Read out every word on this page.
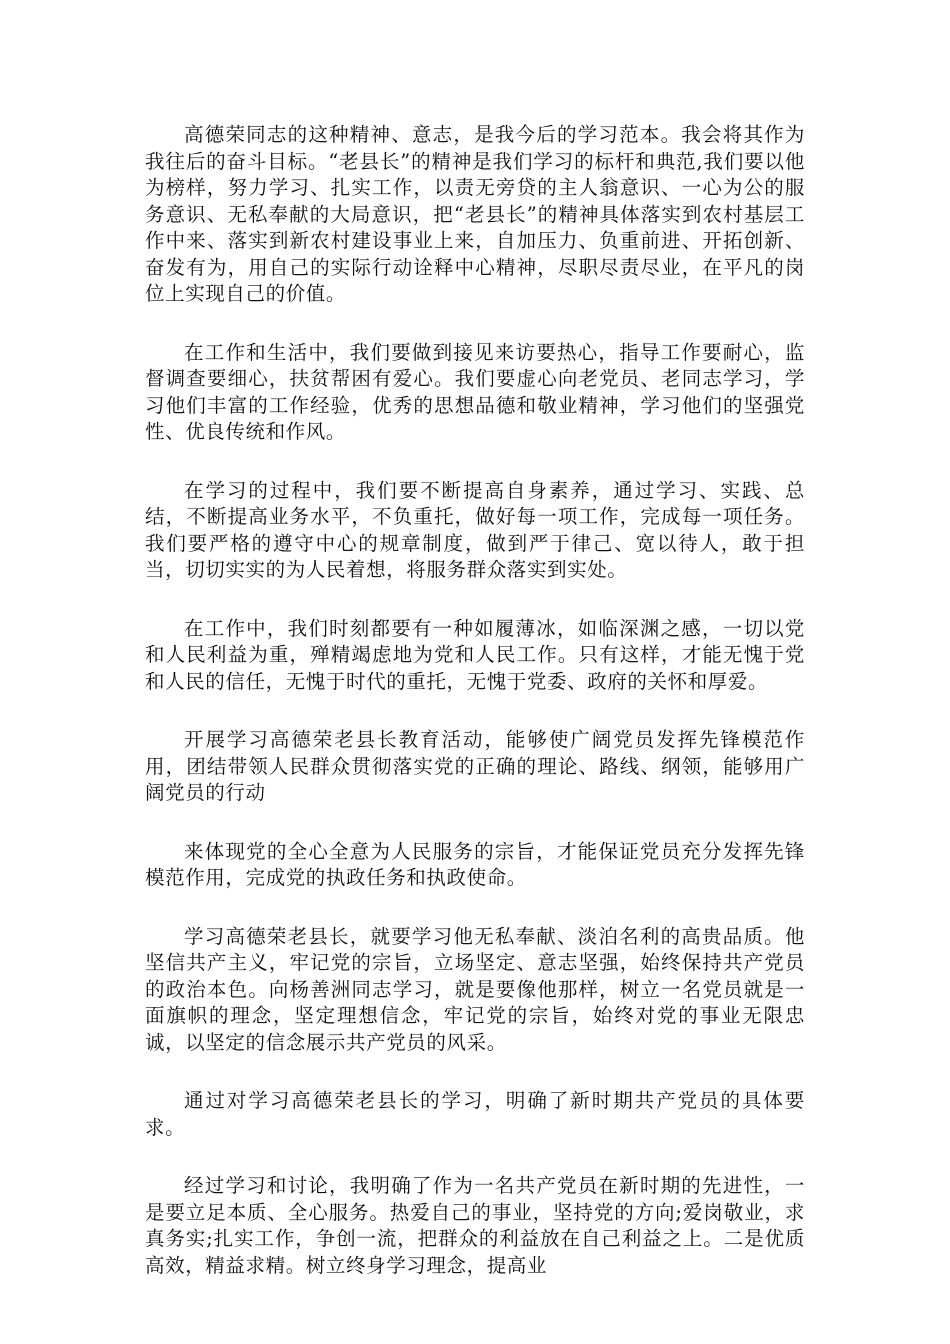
高德荣同志的这种精神、意志，是我今后的学习范本。我会将其作为我往后的奋斗目标。“老县长”的精神是我们学习的标杆和典范,我们要以他为榜样，努力学习、扎实工作，以责无旁贷的主人翁意识、一心为公的服务意识、无私奉献的大局意识，把“老县长”的精神具体落实到农村基层工作中来、落实到新农村建设事业上来，自加压力、负重前进、开拓创新、奋发有为，用自己的实际行动诠释中心精神，尽职尽责尽业，在平凡的岗位上实现自己的价值。

在工作和生活中，我们要做到接见来访要热心，指导工作要耐心，监督调查要细心，扶贫帮困有爱心。我们要虚心向老党员、老同志学习，学习他们丰富的工作经验，优秀的思想品德和敬业精神，学习他们的坚强党性、优良传统和作风。

在学习的过程中，我们要不断提高自身素养，通过学习、实践、总结，不断提高业务水平，不负重托，做好每一项工作，完成每一项任务。我们要严格的遵守中心的规章制度，做到严于律己、宽以待人，敢于担当，切切实实的为人民着想，将服务群众落实到实处。

在工作中，我们时刻都要有一种如履薄冰，如临深渊之感，一切以党和人民利益为重，殚精竭虑地为党和人民工作。只有这样，才能无愧于党和人民的信任，无愧于时代的重托，无愧于党委、政府的关怀和厚爱。

开展学习高德荣老县长教育活动，能够使广阔党员发挥先锋模范作用，团结带领人民群众贯彻落实党的正确的理论、路线、纲领，能够用广阔党员的行动

来体现党的全心全意为人民服务的宗旨，才能保证党员充分发挥先锋模范作用，完成党的执政任务和执政使命。

学习高德荣老县长，就要学习他无私奉献、淡泊名利的高贵品质。他坚信共产主义，牢记党的宗旨，立场坚定、意志坚强，始终保持共产党员的政治本色。向杨善洲同志学习，就是要像他那样，树立一名党员就是一面旗帜的理念，坚定理想信念，牢记党的宗旨，始终对党的事业无限忠诚，以坚定的信念展示共产党员的风采。

通过对学习高德荣老县长的学习，明确了新时期共产党员的具体要求。

经过学习和讨论，我明确了作为一名共产党员在新时期的先进性，一是要立足本质、全心服务。热爱自己的事业，坚持党的方向;爱岗敬业，求真务实;扎实工作，争创一流，把群众的利益放在自己利益之上。二是优质高效，精益求精。树立终身学习理念，提高业
